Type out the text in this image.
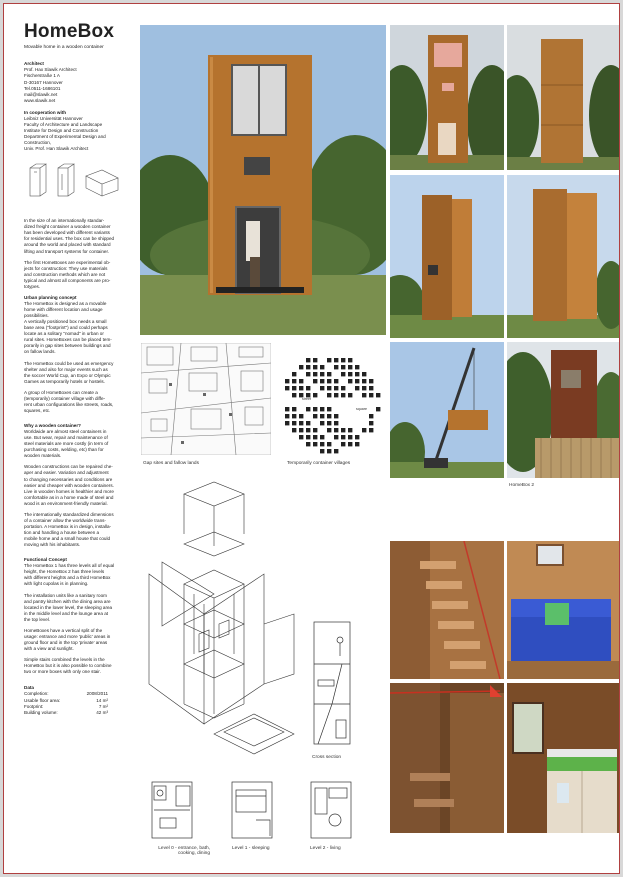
HomeBox
Movable home in a wooden container
Architect
Prof. Hax Slawik Architect
Fischerstraße 1 A
D-30167 Hannover
Tel.0511-1686101
mail@slawik.net
www.slawik.net
In cooperation with
Leibniz Universität Hannover
Faculty of Architecture and Landscape
Institute for Design and Construction
Department of Experimental Design and
Construction,
Univ. Prof. Han Slawik Architect

In the size of an internationally standar-
dized freight container a wooden container
has been developed with different variants
for residential uses. The box can be shipped
around the world and placed with standard
lifting and transport systems for container.

The first HomeBoxes are experimental ob-
jects for construction: They use materials
and construction methods which are not
typical and almost all components are pro-
totypes.

Urban planning concept

The HomeBox is designed as a movable
home with different location and usage
possibilities.
A vertically positioned box needs a small
base area ("footprint") and could perhaps
locate as a solitary "nomad" in urban or
rural sites. HomeBoxes can be placed tem-
porarily in gap sites between buildings and
on fallow lands.

The HomeBox could be used as emergency
shelter and also for major events such as
the soccer World Cup, an Expo or Olympic
Games as temporarily hotels or hostels.

A group of HomeBoxes can create a
(temporarily) container village with diffe-
rent urban configurations like streets, roads,
squares, etc.

Why a wooden container?

Worldwide are almost steel containers in
use. But wear, repair and maintenance of
steel materials are more costly (in term of
purchasing costs, welding, etc) than for
wooden materials.

Wooden constructions can be repaired che-
aper and easier. Variation and adjustment
to changing necessaries and conditions are
easier and cheaper with wooden containers.
Live in wooden homes is healthier and more
comfortable as in a home made of steel and
wood is an environment-friendly material.

The internationally standardized dimensions
of a container allow the worldwide trans-
portation. A HomeBox is in design, installa-
tion and handling a house between a
mobile home and a small house that could
moving with his inhabitants.

Functional Concept

The HomeBox 1 has three levels all of equal
height, the HomeBox 2 has three levels
with different heights and a third HomeBox
with light cupolas is in planning.

The installation units like a sanitary room
and pantry kitchen with the dining area are
located in the lower level, the sleeping area
in the middle level and the lounge area at
the top level.

HomeBoxes have a vertical split of the
usage: entrance and more 'public' areas in
ground floor and in the top 'private' areas
with a view and sunlight.

Simple stairs combined the levels in the
HomeBox but it is also possible to combine
two or more boxes with only one stair.

Data
Completion:	2008/2011
Usable floor area:	14 m²
Footprint:	7 m²
Building volume:	42 m³
Gap sites and fallow lands
street
square
Temporarily container villages
HomeBox 2
Cross section
Level 0 - entrance, bath,
cooking, dining
Level 1 - sleeping	Level 2 - living
